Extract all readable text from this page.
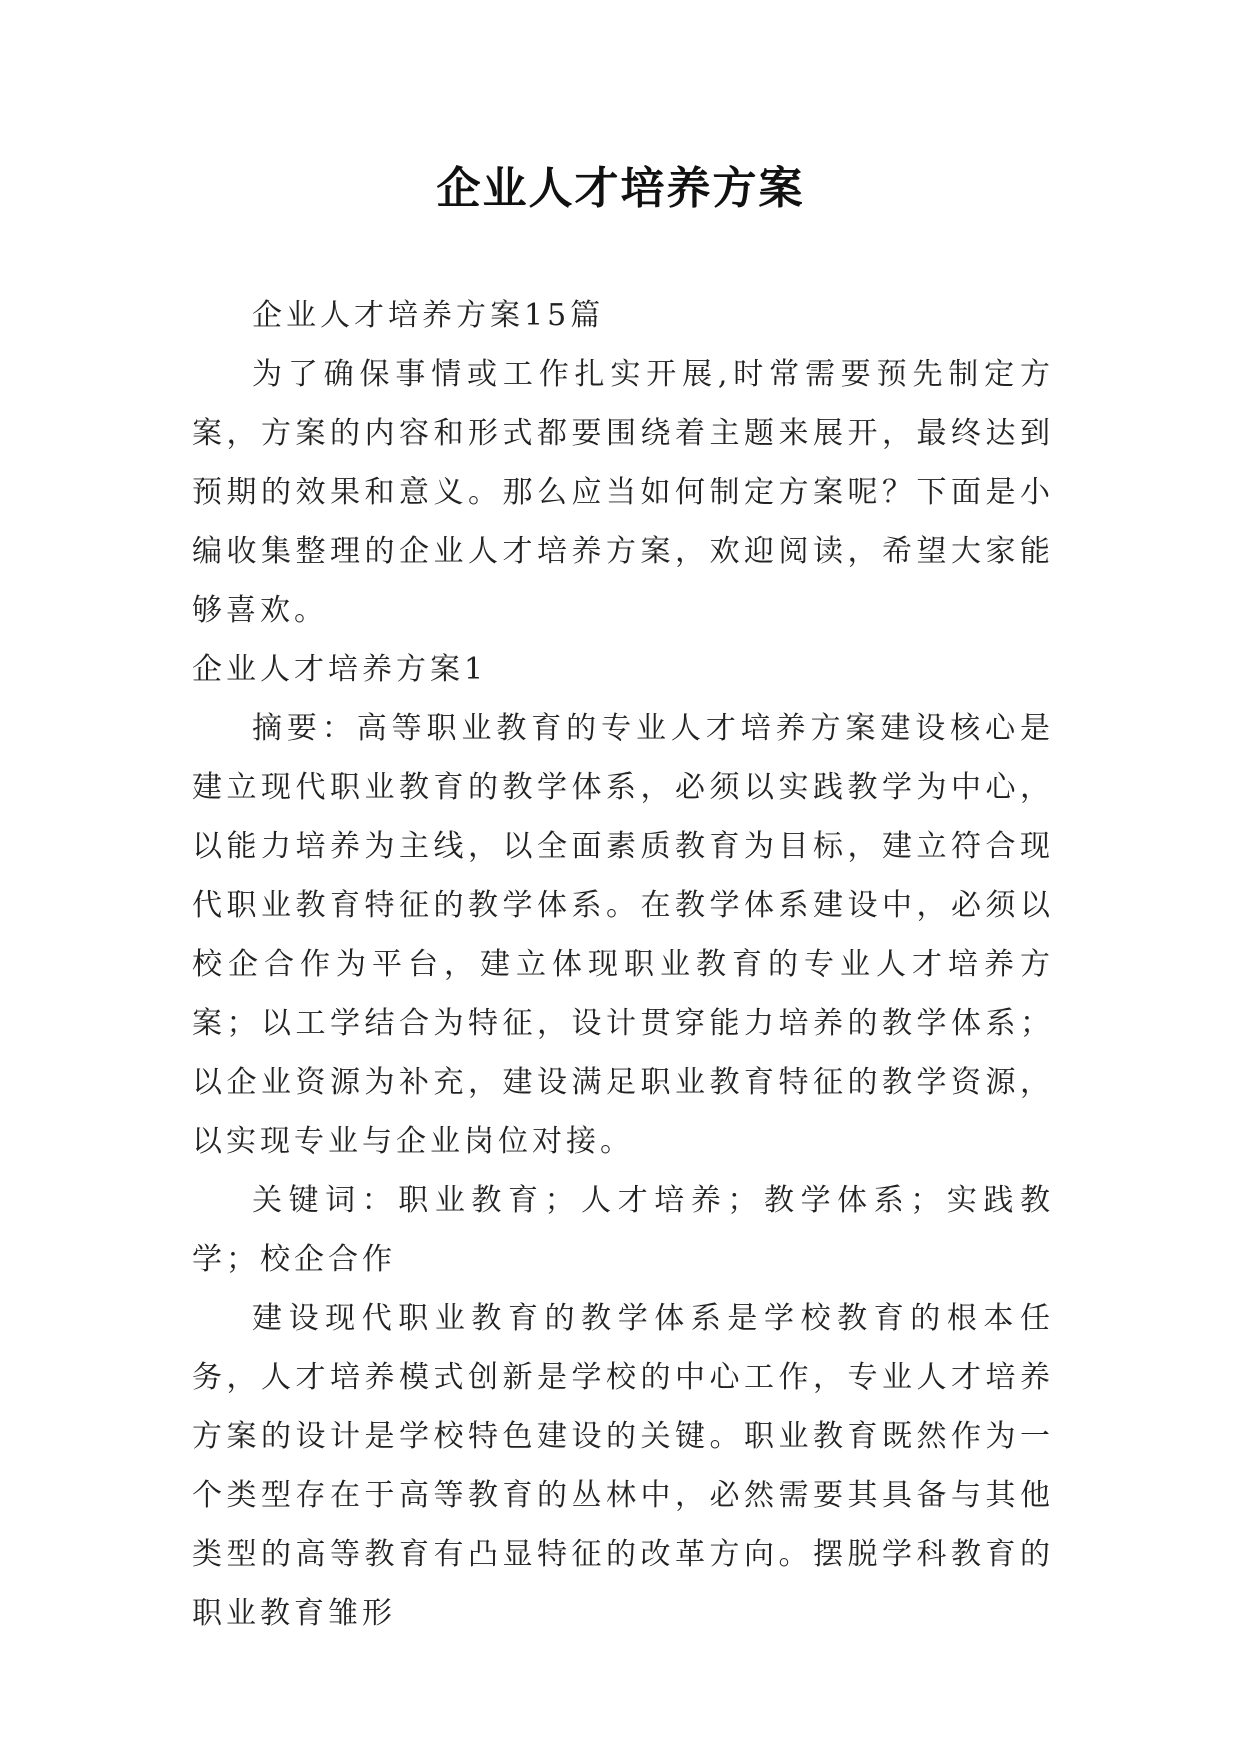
企业人才培养方案

企业人才培养方案15篇

为了确保事情或工作扎实开展,时常需要预先制定方案，方案的内容和形式都要围绕着主题来展开，最终达到预期的效果和意义。那么应当如何制定方案呢？下面是小编收集整理的企业人才培养方案，欢迎阅读，希望大家能够喜欢。

企业人才培养方案1

摘要：高等职业教育的专业人才培养方案建设核心是建立现代职业教育的教学体系，必须以实践教学为中心，以能力培养为主线，以全面素质教育为目标，建立符合现代职业教育特征的教学体系。在教学体系建设中，必须以校企合作为平台，建立体现职业教育的专业人才培养方案；以工学结合为特征，设计贯穿能力培养的教学体系；以企业资源为补充，建设满足职业教育特征的教学资源，以实现专业与企业岗位对接。

关键词：职业教育；人才培养；教学体系；实践教学；校企合作

建设现代职业教育的教学体系是学校教育的根本任务，人才培养模式创新是学校的中心工作，专业人才培养方案的设计是学校特色建设的关键。职业教育既然作为一个类型存在于高等教育的丛林中，必然需要其具备与其他类型的高等教育有凸显特征的改革方向。摆脱学科教育的职业教育雏形
